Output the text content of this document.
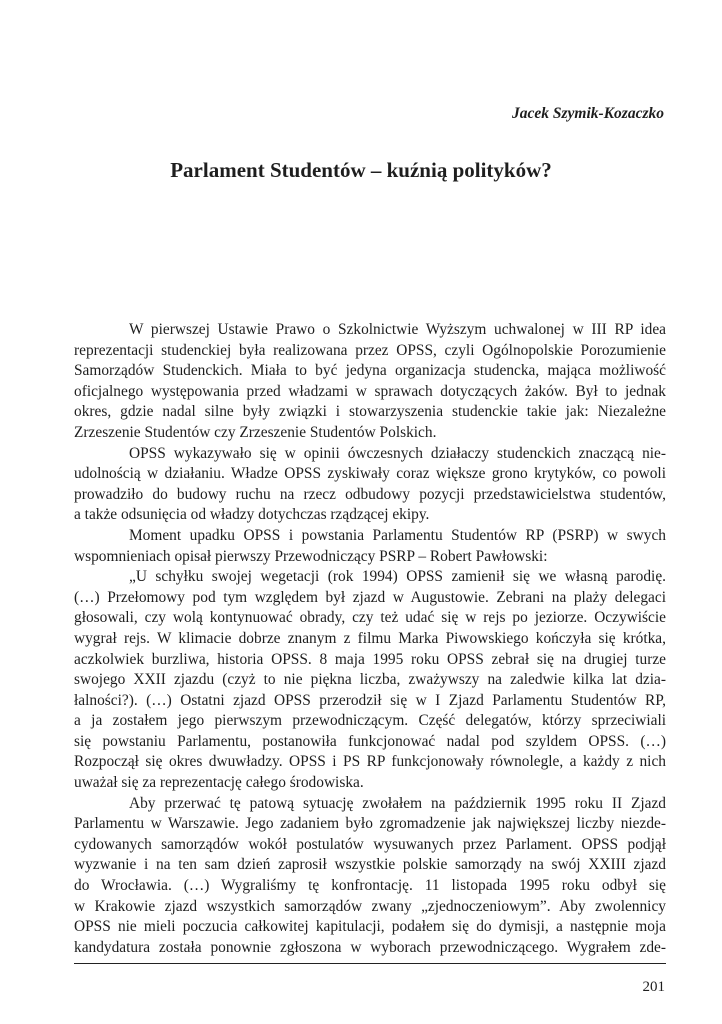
Jacek Szymik-Kozaczko
Parlament Studentów – kuźnią polityków?
W pierwszej Ustawie Prawo o Szkolnictwie Wyższym uchwalonej w III RP idea
reprezentacji studenckiej była realizowana przez OPSS, czyli Ogólnopolskie Porozumienie
Samorządów Studenckich. Miała to być jedyna organizacja studencka, mająca możliwość
oficjalnego występowania przed władzami w sprawach dotyczących żaków. Był to jednak
okres, gdzie nadal silne były związki i stowarzyszenia studenckie takie jak: Niezależne
Zrzeszenie Studentów czy Zrzeszenie Studentów Polskich.
OPSS wykazywało się w opinii ówczesnych działaczy studenckich znaczącą nie-
udolnością w działaniu. Władze OPSS zyskiwały coraz większe grono krytyków, co powoli
prowadziło do budowy ruchu na rzecz odbudowy pozycji przedstawicielstwa studentów,
a także odsunięcia od władzy dotychczas rządzącej ekipy.
Moment upadku OPSS i powstania Parlamentu Studentów RP (PSRP) w swych
wspomnieniach opisał pierwszy Przewodniczący PSRP – Robert Pawłowski:
„U schyłku swojej wegetacji (rok 1994) OPSS zamienił się we własną parodię.
(…) Przełomowy pod tym względem był zjazd w Augustowie. Zebrani na plaży delegaci
głosowali, czy wolą kontynuować obrady, czy też udać się w rejs po jeziorze. Oczywiście
wygrał rejs. W klimacie dobrze znanym z filmu Marka Piwowskiego kończyła się krótka,
aczkolwiek burzliwa, historia OPSS. 8 maja 1995 roku OPSS zebrał się na drugiej turze
swojego XXII zjazdu (czyż to nie piękna liczba, zważywszy na zaledwie kilka lat dzia-
łalności?). (…) Ostatni zjazd OPSS przerodził się w I Zjazd Parlamentu Studentów RP,
a ja zostałem jego pierwszym przewodniczącym. Część delegatów, którzy sprzeciwiali
się powstaniu Parlamentu, postanowiła funkcjonować nadal pod szyldem OPSS. (…)
Rozpoczął się okres dwuwładzy. OPSS i PS RP funkcjonowały równolegle, a każdy z nich
uważał się za reprezentację całego środowiska.
Aby przerwać tę patową sytuację zwołałem na październik 1995 roku II Zjazd
Parlamentu w Warszawie. Jego zadaniem było zgromadzenie jak największej liczby niezde-
cydowanych samorządów wokół postulatów wysuwanych przez Parlament. OPSS podjął
wyzwanie i na ten sam dzień zaprosił wszystkie polskie samorządy na swój XXIII zjazd
do Wrocławia. (…) Wygraliśmy tę konfrontację. 11 listopada 1995 roku odbył się
w Krakowie zjazd wszystkich samorządów zwany „zjednoczeniowym”. Aby zwolennicy
OPSS nie mieli poczucia całkowitej kapitulacji, podałem się do dymisji, a następnie moja
kandydatura została ponownie zgłoszona w wyborach przewodniczącego. Wygrałem zde-
201
